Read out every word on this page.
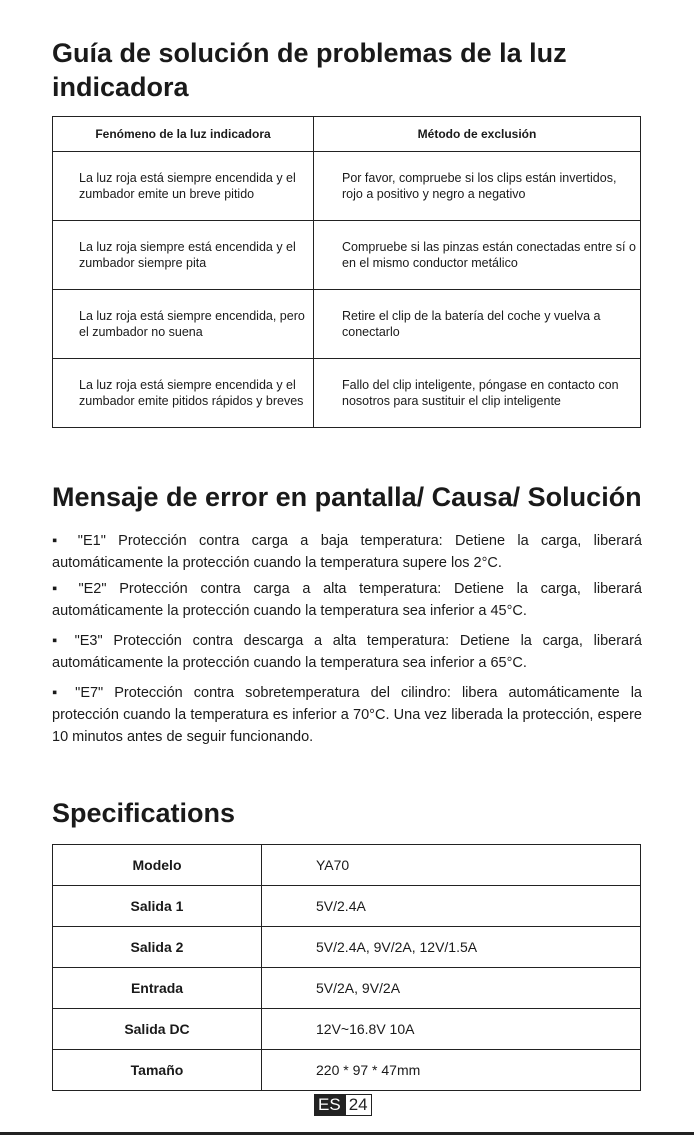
Guía de solución de problemas de la luz indicadora
Fenómeno de la luz indicadora	Método de exclusión
La luz roja está siempre encendida y el zumbador emite un breve pitido	Por favor, compruebe si los clips están invertidos, rojo a positivo y negro a negativo
La luz roja siempre está encendida y el zumbador siempre pita	Compruebe si las pinzas están conectadas entre sí o en el mismo conductor metálico
La luz roja está siempre encendida, pero el zumbador no suena	Retire el clip de la batería del coche y vuelva a conectarlo
La luz roja está siempre encendida y el zumbador emite pitidos rápidos y breves	Fallo del clip inteligente, póngase en contacto con nosotros para sustituir el clip inteligente
Mensaje de error en pantalla/ Causa/ Solución

▪ "E1" Protección contra carga a baja temperatura: Detiene la carga, liberará automáticamente la protección cuando la temperatura supere los 2°C.

▪ "E2" Protección contra carga a alta temperatura: Detiene la carga, liberará automáticamente la protección cuando la temperatura sea inferior a 45°C.

▪ "E3" Protección contra descarga a alta temperatura: Detiene la carga, liberará automáticamente la protección cuando la temperatura sea inferior a 65°C.

▪ "E7" Protección contra sobretemperatura del cilindro: libera automáticamente la protección cuando la temperatura es inferior a 70°C. Una vez liberada la protección, espere 10 minutos antes de seguir funcionando.

Specifications
Modelo	YA70
Salida 1	5V/2.4A
Salida 2	5V/2.4A, 9V/2A, 12V/1.5A
Entrada	5V/2A, 9V/2A
Salida DC	12V~16.8V 10A
Tamaño	220 * 97 * 47mm
ES 24
